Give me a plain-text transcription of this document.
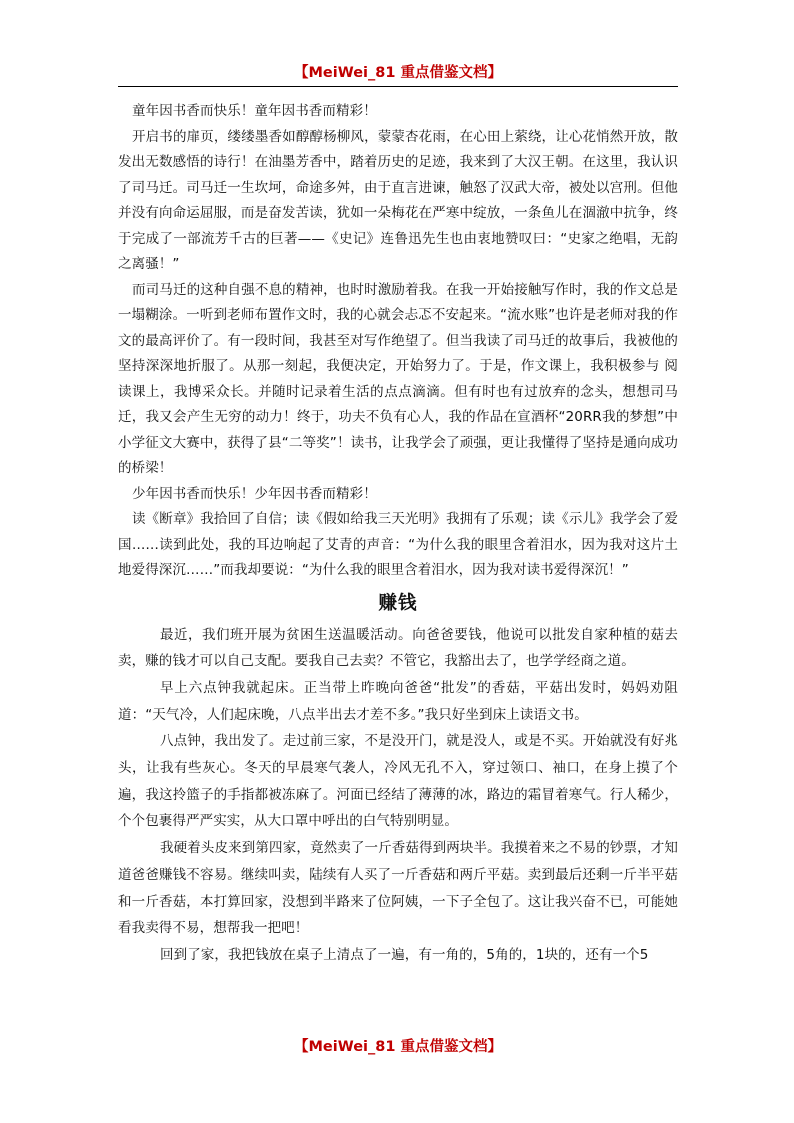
【MeiWei_81 重点借鉴文档】

童年因书香而快乐！童年因书香而精彩！

开启书的扉页，缕缕墨香如醇醇杨柳风，蒙蒙杏花雨，在心田上萦绕，让心花悄然开放，散发出无数感悟的诗行！在油墨芳香中，踏着历史的足迹，我来到了大汉王朝。在这里，我认识了司马迁。司马迁一生坎坷，命途多舛，由于直言进谏，触怒了汉武大帝，被处以宫刑。但他并没有向命运屈服，而是奋发苦读，犹如一朵梅花在严寒中绽放，一条鱼儿在涸澈中抗争，终于完成了一部流芳千古的巨著——《史记》连鲁迅先生也由衷地赞叹曰：“史家之绝唱，无韵之离骚！”

而司马迁的这种自强不息的精神，也时时激励着我。在我一开始接触写作时，我的作文总是一塌糊涂。一听到老师布置作文时，我的心就会忐忑不安起来。“流水账”也许是老师对我的作文的最高评价了。有一段时间，我甚至对写作绝望了。但当我读了司马迁的故事后，我被他的坚持深深地折服了。从那一刻起，我便决定，开始努力了。于是，作文课上，我积极参与 阅读课上，我博采众长。并随时记录着生活的点点滴滴。但有时也有过放弃的念头，想想司马迁，我又会产生无穷的动力！终于，功夫不负有心人，我的作品在宣酒杯“20RR我的梦想”中小学征文大赛中，获得了县“二等奖”！读书，让我学会了顽强，更让我懂得了坚持是通向成功的桥梁！

少年因书香而快乐！少年因书香而精彩！

读《断章》我拾回了自信；读《假如给我三天光明》我拥有了乐观；读《示儿》我学会了爱国……读到此处，我的耳边响起了艾青的声音：“为什么我的眼里含着泪水，因为我对这片土地爱得深沉……”而我却要说：“为什么我的眼里含着泪水，因为我对读书爱得深沉！”

赚钱

最近，我们班开展为贫困生送温暖活动。向爸爸要钱，他说可以批发自家种植的菇去卖，赚的钱才可以自己支配。要我自己去卖？不管它，我豁出去了，也学学经商之道。

早上六点钟我就起床。正当带上昨晚向爸爸“批发”的香菇，平菇出发时，妈妈劝阻道：“天气冷，人们起床晚，八点半出去才差不多。”我只好坐到床上读语文书。

八点钟，我出发了。走过前三家，不是没开门，就是没人，或是不买。开始就没有好兆头，让我有些灰心。冬天的早晨寒气袭人，冷风无孔不入，穿过领口、袖口，在身上摸了个遍，我这拎篮子的手指都被冻麻了。河面已经结了薄薄的冰，路边的霜冒着寒气。行人稀少，个个包裹得严严实实，从大口罩中呼出的白气特别明显。

我硬着头皮来到第四家，竟然卖了一斤香菇得到两块半。我摸着来之不易的钞票，才知道爸爸赚钱不容易。继续叫卖，陆续有人买了一斤香菇和两斤平菇。卖到最后还剩一斤半平菇和一斤香菇，本打算回家，没想到半路来了位阿姨，一下子全包了。这让我兴奋不已，可能她看我卖得不易，想帮我一把吧！

回到了家，我把钱放在桌子上清点了一遍，有一角的，5角的，1块的，还有一个5

【MeiWei_81 重点借鉴文档】
